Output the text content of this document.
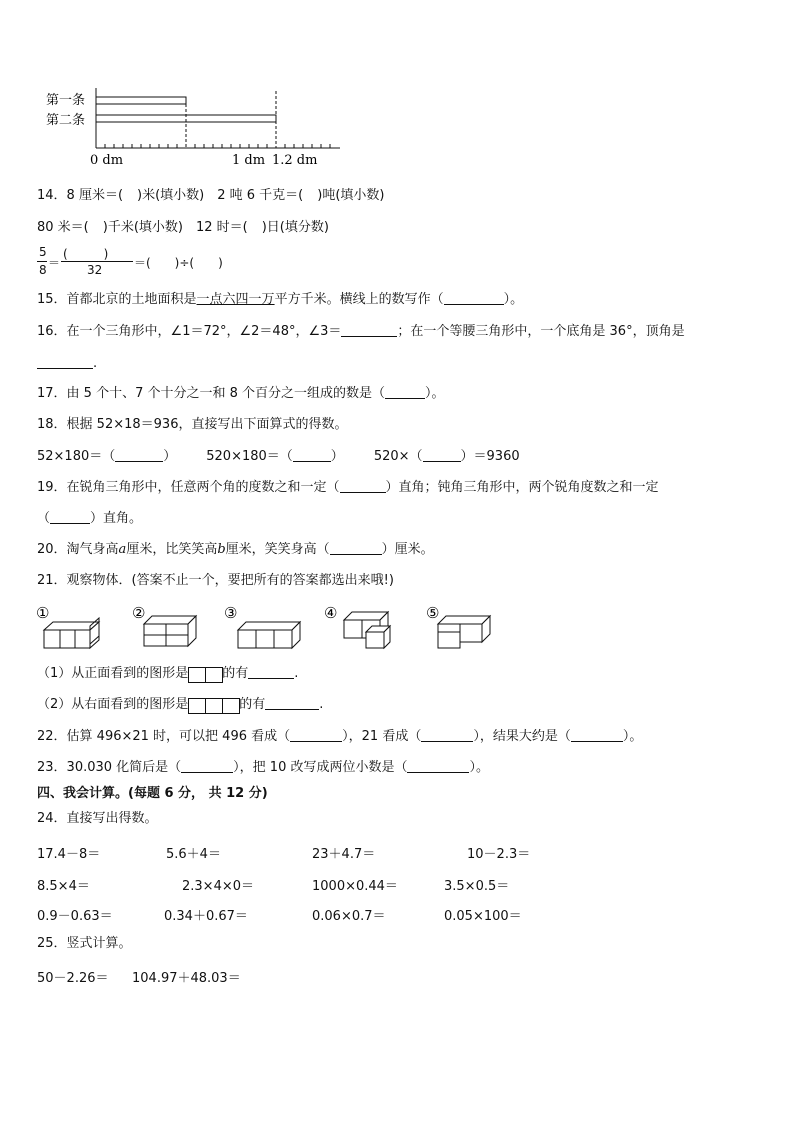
第一条
第二条
0 dm	1 dm 1.2 dm
14．8 厘米＝( )米(填小数)　2 吨 6 千克＝( )吨(填小数)
80 米＝( )千米(填小数)　12 时＝( )日(填分数)
5
8 ＝
(　　　)
32	＝(　　)÷(　　)
15．首都北京的土地面积是一点六四一万平方千米。横线上的数写作（	）。
16．在一个三角形中，∠1＝72°，∠2＝48°，∠3＝	；在一个等腰三角形中，一个底角是 36°，顶角是
.
17．由 5 个十、7 个十分之一和 8 个百分之一组成的数是（	）。
18．根据 52×18＝936，直接写出下面算式的得数。
52×180＝（	） 520×180＝（	） 520×（	）＝9360
19．在锐角三角形中，任意两个角的度数之和一定（	）直角；钝角三角形中，两个锐角度数之和一定
（	）直角。
20．淘气身高a厘米，比笑笑高b厘米，笑笑身高（	）厘米。
21．观察物体．(答案不止一个，要把所有的答案都选出来哦!)
①	②	③	④	⑤
（1）从正面看到的图形是	的有	.
（2）从右面看到的图形是	的有	.
22．估算 496×21 时，可以把 496 看成（	），21 看成（	），结果大约是（	）。
23．30.030 化简后是（	），把 10 改写成两位小数是（	）。
四、我会计算。(每题 6 分， 共 12 分)
24．直接写出得数。
17.4－8＝	5.6＋4＝	23＋4.7＝	10－2.3＝
8.5×4＝	2.3×4×0＝	1000×0.44＝	3.5×0.5＝
0.9－0.63＝	0.34＋0.67＝	0.06×0.7＝	0.05×100＝
25．竖式计算。
50－2.26＝ 104.97＋48.03＝
